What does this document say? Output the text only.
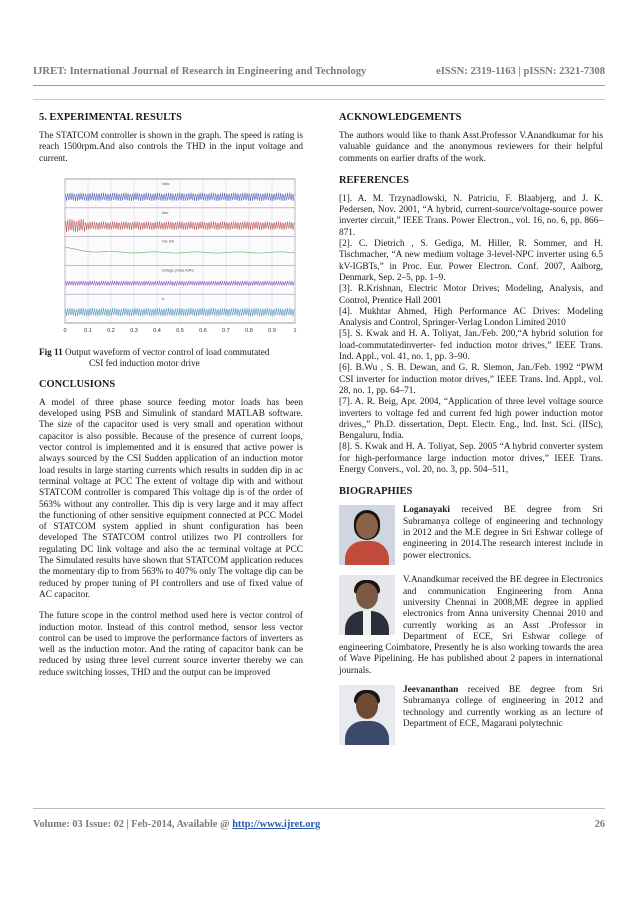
IJRET: International Journal of Research in Engineering and Technology	eISSN: 2319-1163 | pISSN: 2321-7308
5. EXPERIMENTAL RESULTS

The STATCOM controller is shown in the graph. The speed is rating is reach 1500rpm.And also controls the THD in the input voltage and current.

0	0.1	0.2	0.3	0.4	0.5	0.6	0.7	0.8	0.9	1
Vabc
Iabc
Vdc link
Voltage phase A(Pu)
Ic
Fig 11 Output waveform of vector control of load commutated
CSI fed induction motor drive
CONCLUSIONS

A model of three phase source feeding motor loads has been developed using PSB and Simulink of standard MATLAB software. The size of the capacitor used is very small and operation without capacitor is also possible. Because of the presence of current loops, vector control is implemented and it is ensured that active power is always sourced by the CSI Sudden application of an induction motor load results in large starting currents which results in sudden dip in ac terminal voltage at PCC The extent of voltage dip with and without STATCOM controller is compared This voltage dip is of the order of 563% without any controller. This dip is very large and it may affect the functioning of other sensitive equipment connected at PCC Model of STATCOM system applied in shunt configuration has been developed The STATCOM control utilizes two PI controllers for regulating DC link voltage and also the ac terminal voltage at PCC The Simulated results have shown that STATCOM application reduces the momentary dip to from 563% to 407% only The voltage dip can be reduced by proper tuning of PI controllers and use of fixed value of AC capacitor.

The future scope in the control method used here is vector control of induction motor. Instead of this control method, sensor less vector control can be used to improve the performance factors of inverters as well as the induction motor. And the rating of capacitor bank can be reduced by using three level current source inverter thereby we can reduce switching losses, THD and the output can be improved

ACKNOWLEDGEMENTS

The authors would like to thank Asst.Professor V.Anandkumar for his valuable guidance and the anonymous reviewers for their helpful comments on earlier drafts of the work.

REFERENCES

[1]. A. M. Trzynadlowski, N. Patriciu, F. Blaabjerg, and J. K. Pedersen, Nov. 2001, “A hybrid, current-source/voltage-source power inverter circuit,” IEEE Trans. Power Electron., vol. 16, no. 6, pp. 866–871.

[2]. C. Dietrich , S. Gediga, M. Hiller, R. Sommer, and H. Tischmacher, “A new medium voltage 3-level-NPC inverter using 6.5 kV-IGBTs,” in Proc. Eur. Power Electron. Conf. 2007, Aalborg, Denmark, Sep. 2–5, pp. 1–9.

[3]. R.Krishnan, Electric Motor Drives; Modeling, Analysis, and Control, Prentice Hall 2001

[4]. Mukhtar Ahmed, High Performance AC Drives: Modeling Analysis and Control, Springer-Verlag London Limited 2010

[5]. S. Kwak and H. A. Toliyat, Jan./Feb. 200,“A hybrid solution for load-commutatedinverter- fed induction motor drives,” IEEE Trans. Ind. Appl., vol. 41, no. 1, pp. 3–90.

[6]. B.Wu , S. B. Dewan, and G. R. Slemon, Jan./Feb. 1992 “PWM CSI inverter for induction motor drives,” IEEE Trans. Ind. Appl., vol. 28, no. 1, pp. 64–71.

[7]. A. R. Beig, Apr. 2004, “Application of three level voltage source inverters to voltage fed and current fed high power induction motor drives,,” Ph.D. dissertation, Dept. Electr. Eng., Ind. Inst. Sci. (IISc), Bengaluru, India.

[8]. S. Kwak and H. A. Toliyat, Sep. 2005 “A hybrid converter system for high-performance large induction motor drives,” IEEE Trans. Energy Convers., vol. 20, no. 3, pp. 504–511,

BIOGRAPHIES

Loganayaki received BE degree from Sri Subramanya college of engineering and technology in 2012 and the M.E degree in Sri Eshwar college of engineering in 2014.The research interest include in power electronics.

V.Anandkumar received the BE degree in Electronics and communication Engineering from Anna university Chennai in 2008,ME degree in applied electronics from Anna university Chennai 2010 and currently working as an Asst .Professor in Department of ECE, Sri Eshwar college of engineering Coimbatore, Presently he is also working towards the area of Wave Pipelining. He has published about 2 papers in international journals.

Jeevananthan received BE degree from Sri Subramanya college of engineering in 2012 and technology and currently working as an lecture of Department of ECE, Magarani polytechnic

Volume: 03 Issue: 02 | Feb-2014, Available @ http://www.ijret.org	26
